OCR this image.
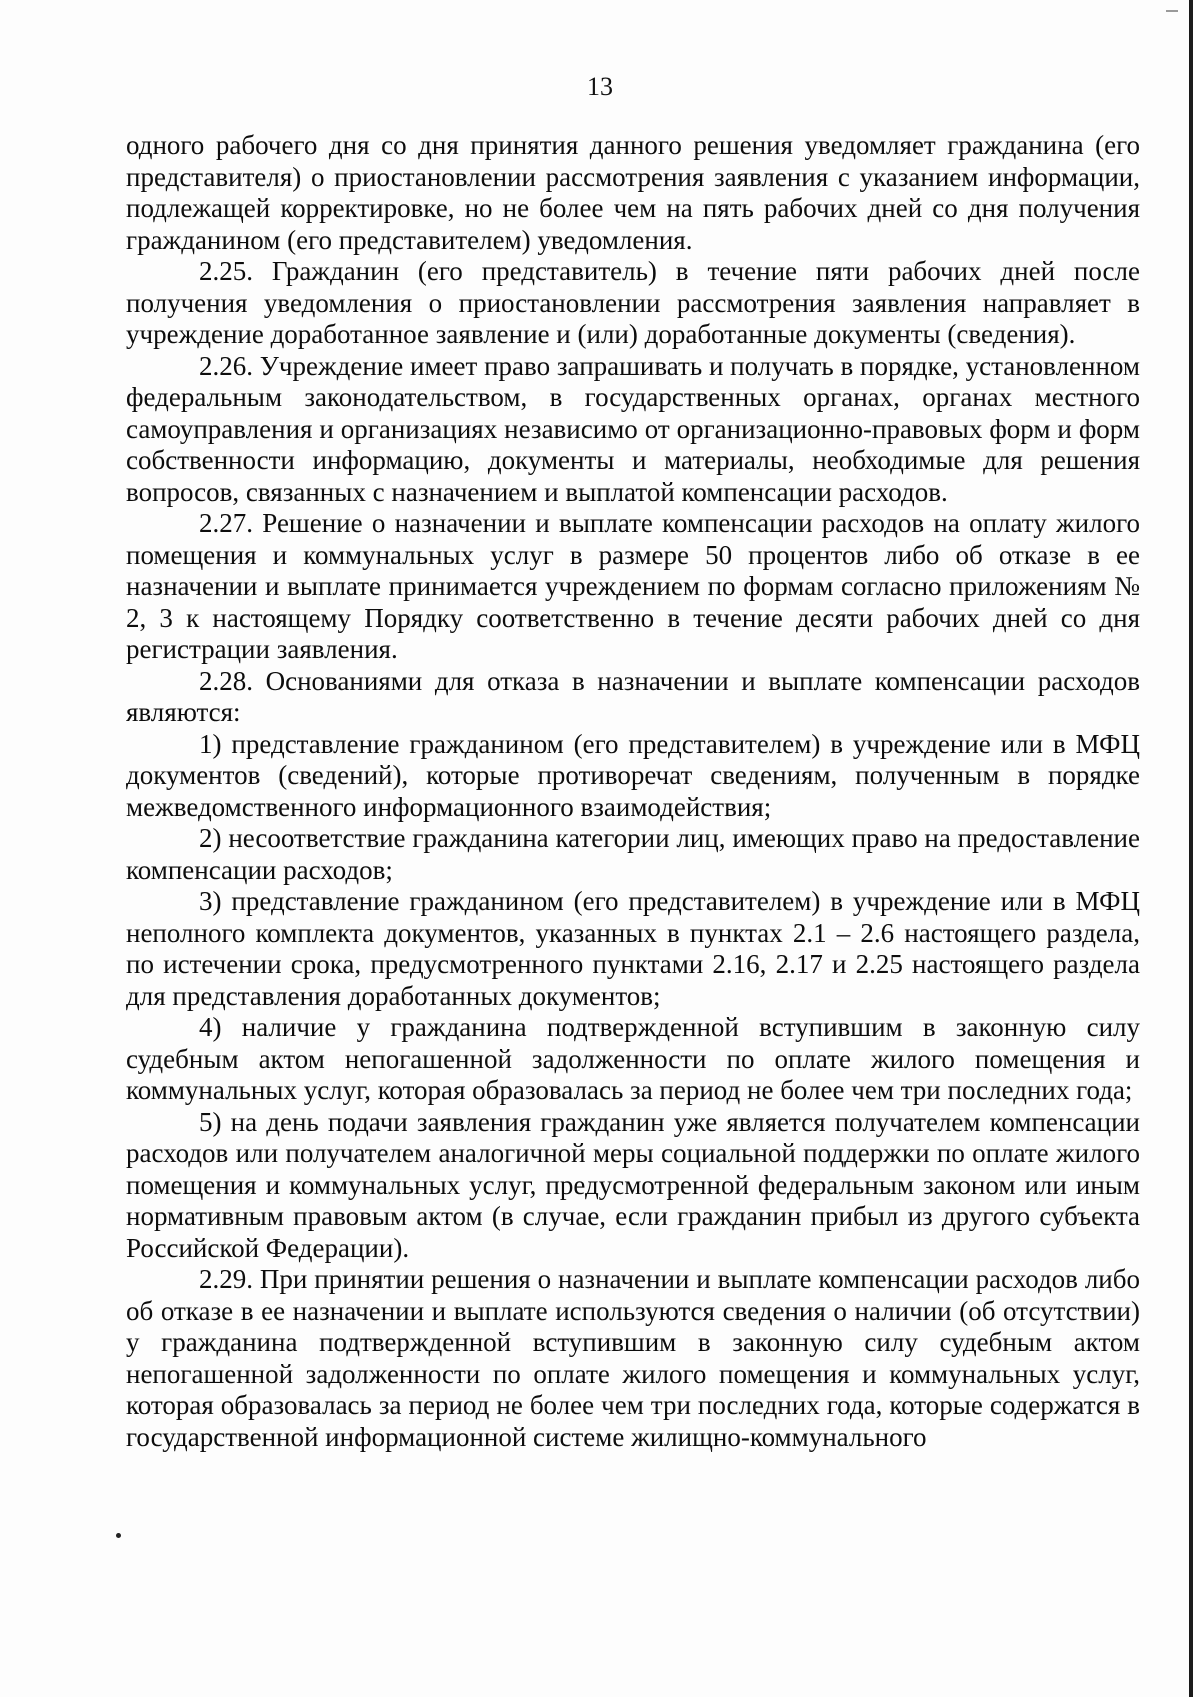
13

одного рабочего дня со дня принятия данного решения уведомляет гражданина (его представителя) о приостановлении рассмотрения заявления с указанием информации, подлежащей корректировке, но не более чем на пять рабочих дней со дня получения гражданином (его представителем) уведомления.

2.25. Гражданин (его представитель) в течение пяти рабочих дней после получения уведомления о приостановлении рассмотрения заявления направляет в учреждение доработанное заявление и (или) доработанные документы (сведения).

2.26. Учреждение имеет право запрашивать и получать в порядке, установленном федеральным законодательством, в государственных органах, органах местного самоуправления и организациях независимо от организационно-правовых форм и форм собственности информацию, документы и материалы, необходимые для решения вопросов, связанных с назначением и выплатой компенсации расходов.

2.27. Решение о назначении и выплате компенсации расходов на оплату жилого помещения и коммунальных услуг в размере 50 процентов либо об отказе в ее назначении и выплате принимается учреждением по формам согласно приложениям № 2, 3 к настоящему Порядку соответственно в течение десяти рабочих дней со дня регистрации заявления.

2.28. Основаниями для отказа в назначении и выплате компенсации расходов являются:

1) представление гражданином (его представителем) в учреждение или в МФЦ документов (сведений), которые противоречат сведениям, полученным в порядке межведомственного информационного взаимодействия;

2) несоответствие гражданина категории лиц, имеющих право на предоставление компенсации расходов;

3) представление гражданином (его представителем) в учреждение или в МФЦ неполного комплекта документов, указанных в пунктах 2.1 – 2.6 настоящего раздела, по истечении срока, предусмотренного пунктами 2.16, 2.17 и 2.25 настоящего раздела для представления доработанных документов;

4) наличие у гражданина подтвержденной вступившим в законную силу судебным актом непогашенной задолженности по оплате жилого помещения и коммунальных услуг, которая образовалась за период не более чем три последних года;

5) на день подачи заявления гражданин уже является получателем компенсации расходов или получателем аналогичной меры социальной поддержки по оплате жилого помещения и коммунальных услуг, предусмотренной федеральным законом или иным нормативным правовым актом (в случае, если гражданин прибыл из другого субъекта Российской Федерации).

2.29. При принятии решения о назначении и выплате компенсации расходов либо об отказе в ее назначении и выплате используются сведения о наличии (об отсутствии) у гражданина подтвержденной вступившим в законную силу судебным актом непогашенной задолженности по оплате жилого помещения и коммунальных услуг, которая образовалась за период не более чем три последних года, которые содержатся в государственной информационной системе жилищно-коммунального
